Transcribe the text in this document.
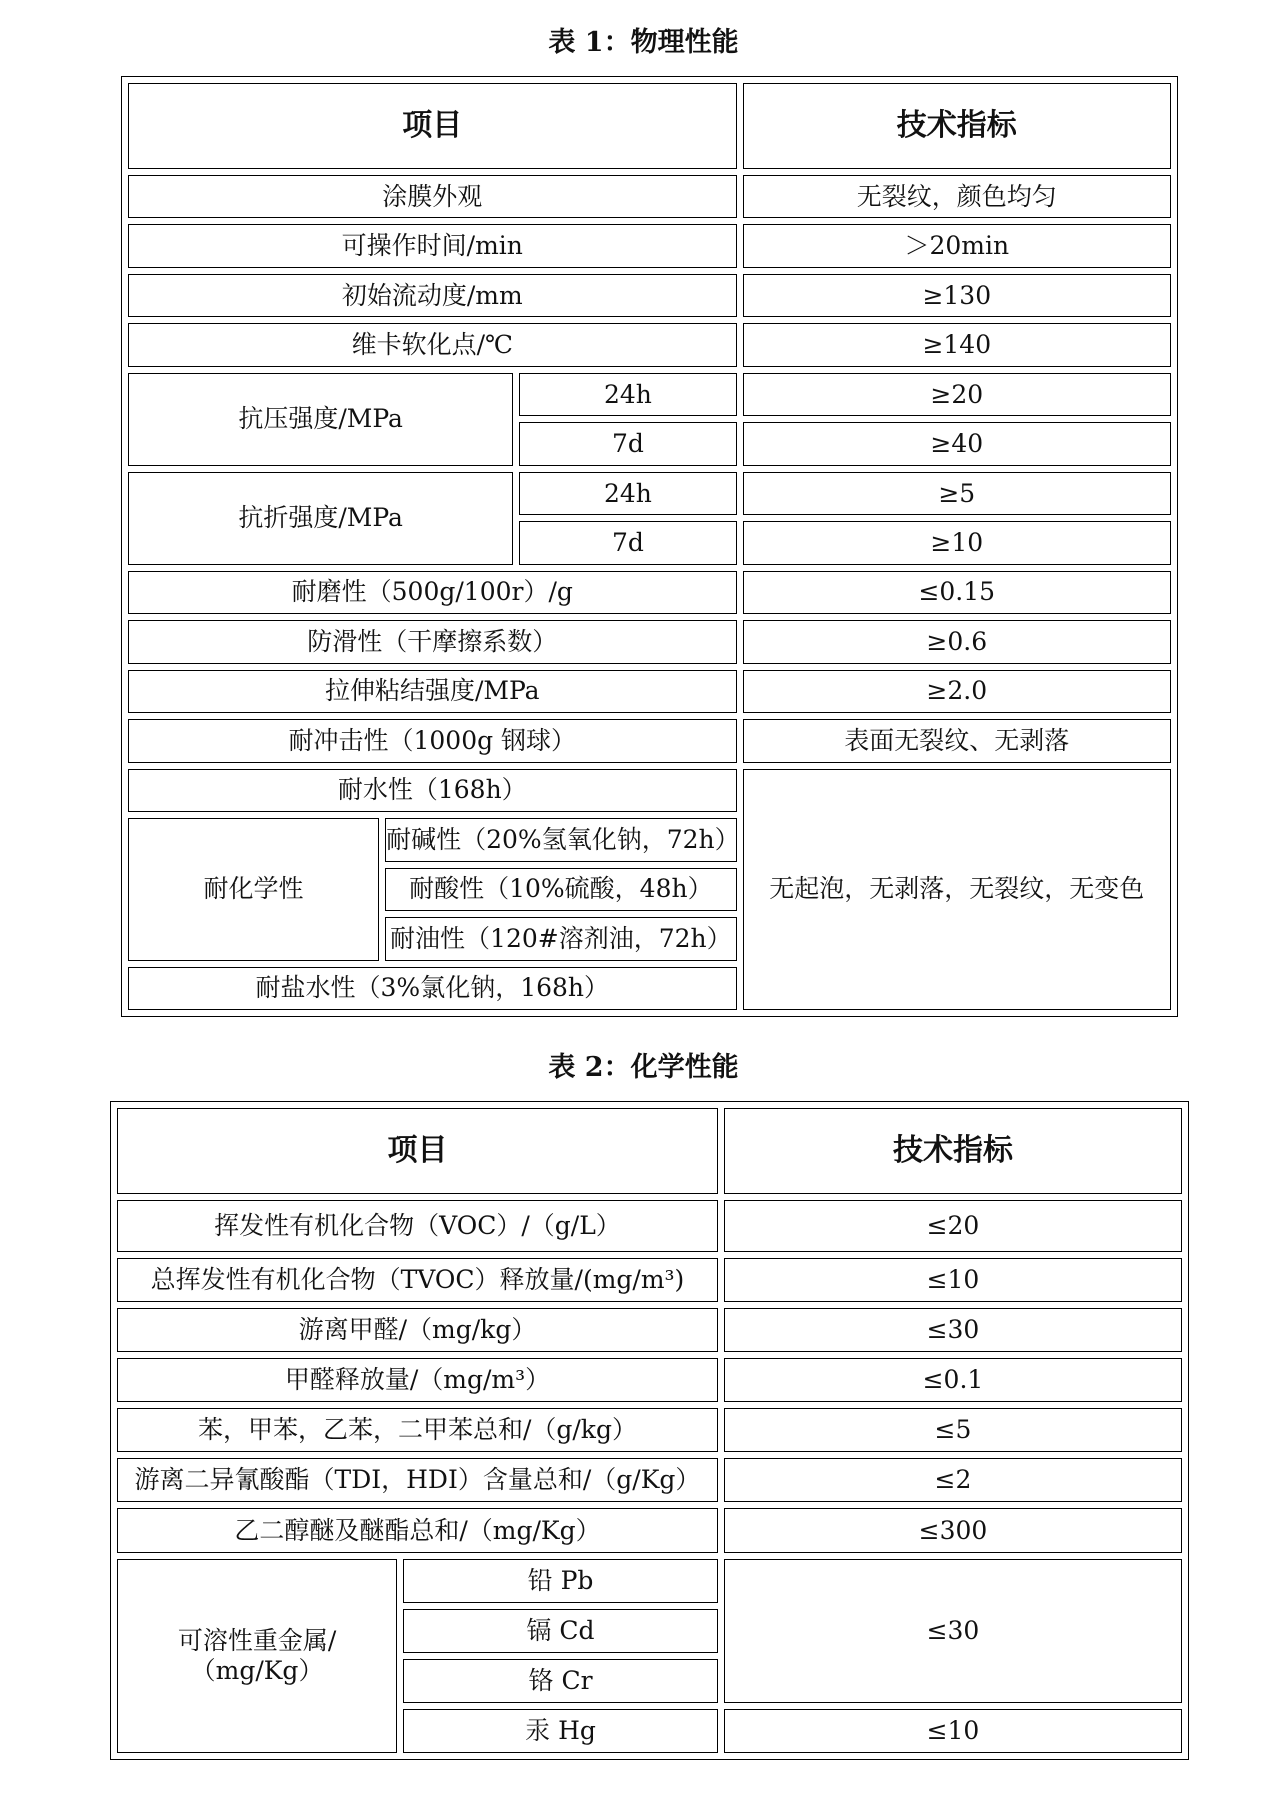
表 1：物理性能
项目			技术指标
涂膜外观			无裂纹，颜色均匀
可操作时间/min			＞20min
初始流动度/mm			≥130
维卡软化点/℃			≥140
抗压强度/MPa		24h	≥20
		7d	≥40
抗折强度/MPa		24h	≥5
		7d	≥10
耐磨性（500g/100r）/g			≤0.15
防滑性（干摩擦系数）			≥0.6
拉伸粘结强度/MPa			≥2.0
耐冲击性（1000g 钢球）			表面无裂纹、无剥落
耐水性（168h）			无起泡，无剥落，无裂纹，无变色
耐化学性	耐碱性（20%氢氧化钠，72h）		
	耐酸性（10%硫酸，48h）		
	耐油性（120#溶剂油，72h）		
耐盐水性（3%氯化钠，168h）			
表 2：化学性能
项目		技术指标
挥发性有机化合物（VOC）/（g/L）		≤20
总挥发性有机化合物（TVOC）释放量/(mg/m³)		≤10
游离甲醛/（mg/kg）		≤30
甲醛释放量/（mg/m³）		≤0.1
苯，甲苯，乙苯，二甲苯总和/（g/kg）		≤5
游离二异氰酸酯（TDI，HDI）含量总和/（g/Kg）		≤2
乙二醇醚及醚酯总和/（mg/Kg）		≤300

可溶性重金属/
（mg/Kg）	铅 Pb	≤30
	镉 Cd	
	铬 Cr	
	汞 Hg	≤10
